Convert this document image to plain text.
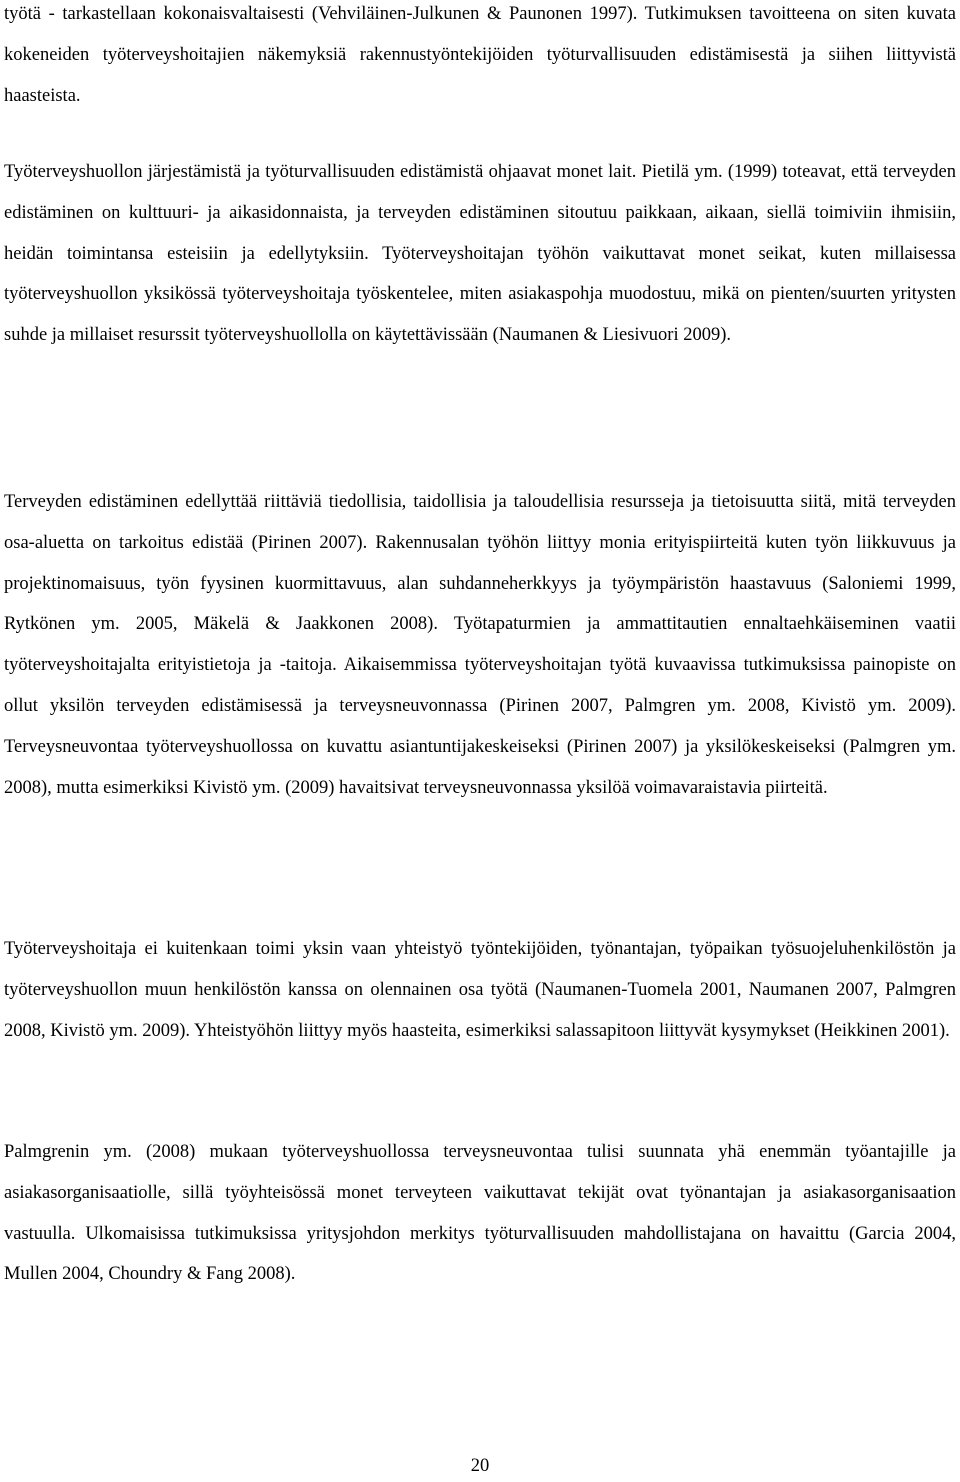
työtä - tarkastellaan kokonaisvaltaisesti (Vehviläinen-Julkunen & Paunonen 1997). Tutkimuksen tavoitteena on siten kuvata kokeneiden työterveyshoitajien näkemyksiä rakennustyöntekijöiden työturvallisuuden edistämisestä ja siihen liittyvistä haasteista.

Työterveyshuollon järjestämistä ja työturvallisuuden edistämistä ohjaavat monet lait. Pietilä ym. (1999) toteavat, että terveyden edistäminen on kulttuuri- ja aikasidonnaista, ja terveyden edistäminen sitoutuu paikkaan, aikaan, siellä toimiviin ihmisiin, heidän toimintansa esteisiin ja edellytyksiin. Työterveyshoitajan työhön vaikuttavat monet seikat, kuten millaisessa työterveyshuollon yksikössä työterveyshoitaja työskentelee, miten asiakaspohja muodostuu, mikä on pienten/suurten yritysten suhde ja millaiset resurssit työterveyshuollolla on käytettävissään (Naumanen & Liesivuori 2009).

Terveyden edistäminen edellyttää riittäviä tiedollisia, taidollisia ja taloudellisia resursseja ja tietoisuutta siitä, mitä terveyden osa-aluetta on tarkoitus edistää (Pirinen 2007). Rakennusalan työhön liittyy monia erityispiirteitä kuten työn liikkuvuus ja projektinomaisuus, työn fyysinen kuormittavuus, alan suhdanneherkkyys ja työympäristön haastavuus (Saloniemi 1999, Rytkönen ym. 2005, Mäkelä & Jaakkonen 2008). Työtapaturmien ja ammattitautien ennaltaehkäiseminen vaatii työterveyshoitajalta erityistietoja ja -taitoja. Aikaisemmissa työterveyshoitajan työtä kuvaavissa tutkimuksissa painopiste on ollut yksilön terveyden edistämisessä ja terveysneuvonnassa (Pirinen 2007, Palmgren ym. 2008, Kivistö ym. 2009). Terveysneuvontaa työterveyshuollossa on kuvattu asiantuntijakeskeiseksi (Pirinen 2007) ja yksilökeskeiseksi (Palmgren ym. 2008), mutta esimerkiksi Kivistö ym. (2009) havaitsivat terveysneuvonnassa yksilöä voimavaraistavia piirteitä.

Työterveyshoitaja ei kuitenkaan toimi yksin vaan yhteistyö työntekijöiden, työnantajan, työpaikan työsuojeluhenkilöstön ja työterveyshuollon muun henkilöstön kanssa on olennainen osa työtä (Naumanen-Tuomela 2001, Naumanen 2007, Palmgren 2008, Kivistö ym. 2009). Yhteistyöhön liittyy myös haasteita, esimerkiksi salassapitoon liittyvät kysymykset (Heikkinen 2001).

Palmgrenin ym. (2008) mukaan työterveyshuollossa terveysneuvontaa tulisi suunnata yhä enemmän työantajille ja asiakasorganisaatiolle, sillä työyhteisössä monet terveyteen vaikuttavat tekijät ovat työnantajan ja asiakasorganisaation vastuulla. Ulkomaisissa tutkimuksissa yritysjohdon merkitys työturvallisuuden mahdollistajana on havaittu (Garcia 2004, Mullen 2004, Choundry & Fang 2008).

20
